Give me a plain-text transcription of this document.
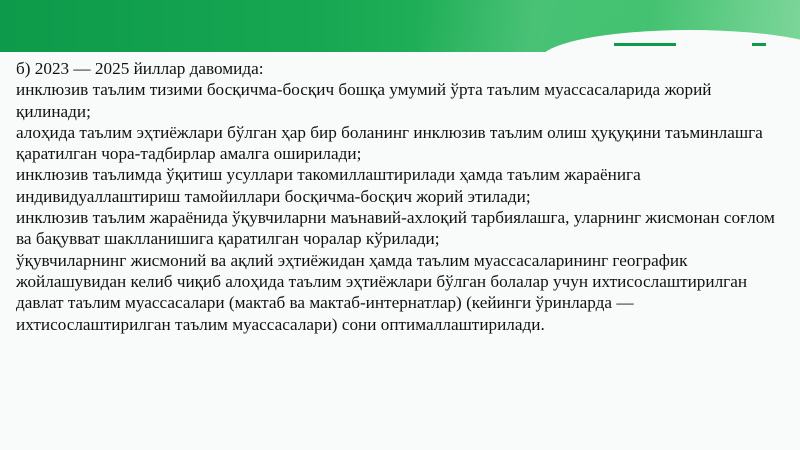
б) 2023 — 2025 йиллар давомида:

инклюзив таълим тизими босқичма-босқич бошқа умумий ўрта таълим муассасаларида жорий қилинади;

алоҳида таълим эҳтиёжлари бўлган ҳар бир боланинг инклюзив таълим олиш ҳуқуқини таъминлашга қаратилган чора-тадбирлар амалга оширилади;

инклюзив таълимда ўқитиш усуллари такомиллаштирилади ҳамда таълим жараёнига индивидуаллаштириш тамойиллари босқичма-босқич жорий этилади;

инклюзив таълим жараёнида ўқувчиларни маънавий-ахлоқий тарбиялашга, уларнинг жисмонан соғлом ва бақувват шаклланишига қаратилган чоралар кўрилади;

ўқувчиларнинг жисмоний ва ақлий эҳтиёжидан ҳамда таълим муассасаларининг географик жойлашувидан келиб чиқиб алоҳида таълим эҳтиёжлари бўлган болалар учун ихтисослаштирилган давлат таълим муассасалари (мактаб ва мактаб-интернатлар) (кейинги ўринларда — ихтисослаштирилган таълим муассасалари) сони оптималлаштирилади.
